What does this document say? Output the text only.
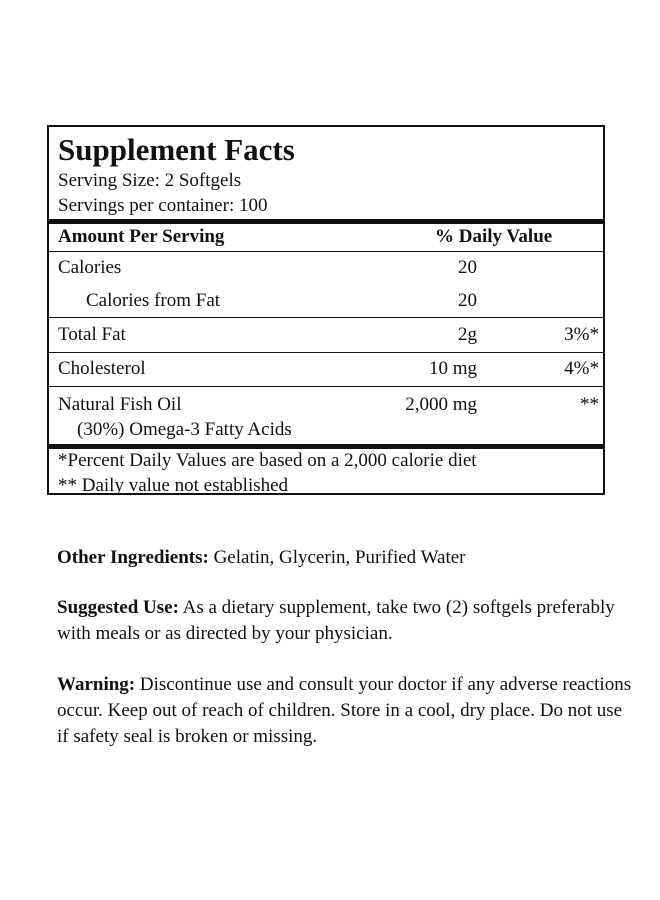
Supplement Facts
Serving Size: 2 Softgels
Servings per container: 100
Amount Per Serving	% Daily Value
Calories	20
Calories from Fat	20
Total Fat	2g	3%*
Cholesterol	10 mg	4%*
Natural Fish Oil	2,000 mg	**
(30%) Omega-3 Fatty Acids
*Percent Daily Values are based on a 2,000 calorie diet
** Daily value not established
Other Ingredients: Gelatin, Glycerin, Purified Water
Suggested Use: As a dietary supplement, take two (2) softgels preferably with meals or as directed by your physician.
Warning: Discontinue use and consult your doctor if any adverse reactions occur. Keep out of reach of children. Store in a cool, dry place. Do not use if safety seal is broken or missing.
